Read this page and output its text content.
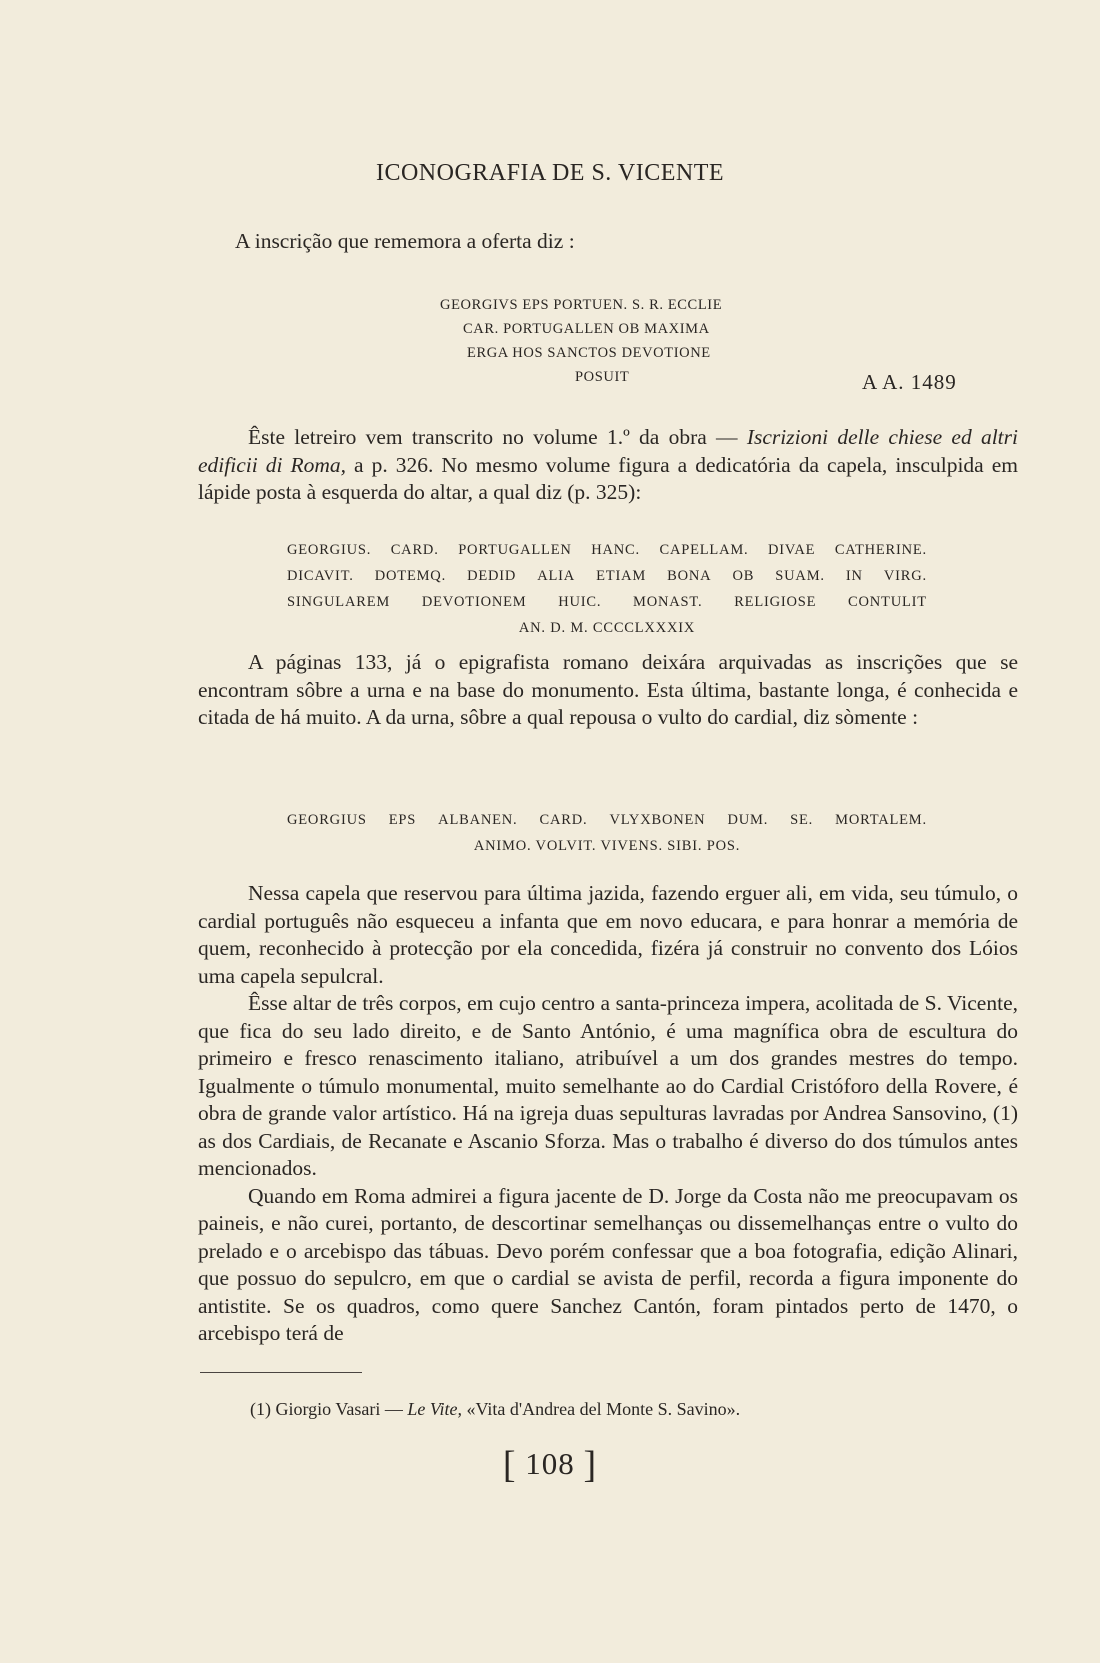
ICONOGRAFIA DE S. VICENTE

A inscrição que rememora a oferta diz :

GEORGIVS EPS PORTUEN. S. R. ECCLIE
CAR. PORTUGALLEN OB MAXIMA
ERGA HOS SANCTOS DEVOTIONE
POSUIT	A A. 1489

Êste letreiro vem transcrito no volume 1.º da obra — Iscrizioni delle chiese ed altri edificii di Roma, a p. 326. No mesmo volume figura a dedicatória da capela, insculpida em lápide posta à esquerda do altar, a qual diz (p. 325):

GEORGIUS. CARD. PORTUGALLEN HANC. CAPELLAM. DIVAE CATHERINE.
DICAVIT. DOTEMQ. DEDID ALIA ETIAM BONA OB SUAM. IN VIRG.
SINGULAREM DEVOTIONEM HUIC. MONAST. RELIGIOSE CONTULIT
AN. D. M. CCCCLXXXIX

A páginas 133, já o epigrafista romano deixára arquivadas as inscrições que se encontram sôbre a urna e na base do monumento. Esta última, bastante longa, é conhecida e citada de há muito. A da urna, sôbre a qual repousa o vulto do cardial, diz sòmente :

GEORGIUS EPS ALBANEN. CARD. VLYXBONEN DUM. SE. MORTALEM.
ANIMO. VOLVIT. VIVENS. SIBI. POS.

Nessa capela que reservou para última jazida, fazendo erguer ali, em vida, seu túmulo, o cardial português não esqueceu a infanta que em novo educara, e para honrar a memória de quem, reconhecido à protecção por ela concedida, fizéra já construir no convento dos Lóios uma capela sepulcral.

Êsse altar de três corpos, em cujo centro a santa-princeza impera, acolitada de S. Vicente, que fica do seu lado direito, e de Santo António, é uma magnífica obra de escultura do primeiro e fresco renascimento italiano, atribuível a um dos grandes mestres do tempo. Igualmente o túmulo monumental, muito semelhante ao do Cardial Cristóforo della Rovere, é obra de grande valor artístico. Há na igreja duas sepulturas lavradas por Andrea Sansovino, (1) as dos Cardiais, de Recanate e Ascanio Sforza. Mas o trabalho é diverso do dos túmulos antes mencionados.

Quando em Roma admirei a figura jacente de D. Jorge da Costa não me preocupavam os paineis, e não curei, portanto, de descortinar semelhanças ou dissemelhanças entre o vulto do prelado e o arcebispo das tábuas. Devo porém confessar que a boa fotografia, edição Alinari, que possuo do sepulcro, em que o cardial se avista de perfil, recorda a figura imponente do antistite. Se os quadros, como quere Sanchez Cantón, foram pintados perto de 1470, o arcebispo terá de

(1) Giorgio Vasari — Le Vite, «Vita d'Andrea del Monte S. Savino».
[ 108 ]
